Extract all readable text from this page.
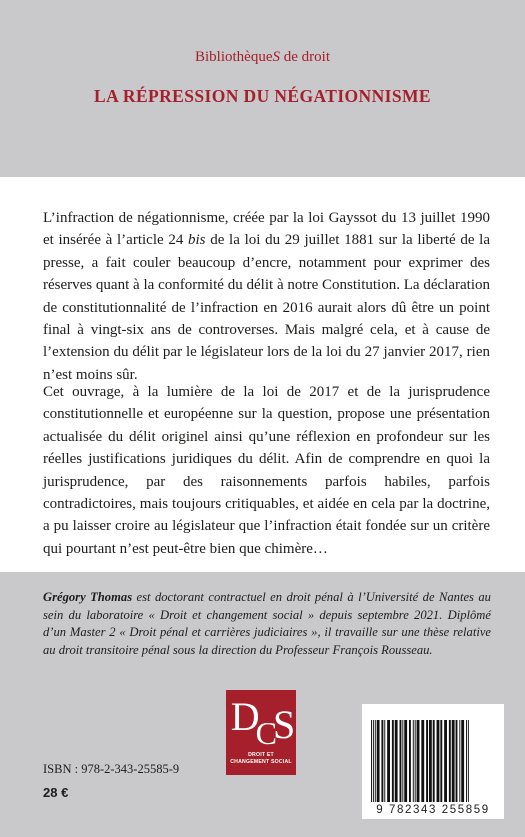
BibliothèqueS de droit
LA RÉPRESSION DU NÉGATIONNISME

L’infraction de négationnisme, créée par la loi Gayssot du 13 juillet 1990 et insérée à l’article 24 bis de la loi du 29 juillet 1881 sur la liberté de la presse, a fait couler beaucoup d’encre, notamment pour exprimer des réserves quant à la conformité du délit à notre Constitution. La déclaration de constitutionnalité de l’infraction en 2016 aurait alors dû être un point final à vingt-six ans de controverses. Mais malgré cela, et à cause de l’extension du délit par le législateur lors de la loi du 27 janvier 2017, rien n’est moins sûr.

Cet ouvrage, à la lumière de la loi de 2017 et de la jurisprudence constitutionnelle et européenne sur la question, propose une présentation actualisée du délit originel ainsi qu’une réflexion en profondeur sur les réelles justifications juridiques du délit. Afin de comprendre en quoi la jurisprudence, par des raisonnements parfois habiles, parfois contradictoires, mais toujours critiquables, et aidée en cela par la doctrine, a pu laisser croire au législateur que l’infraction était fondée sur un critère qui pourtant n’est peut-être bien que chimère…

Grégory Thomas est doctorant contractuel en droit pénal à l’Université de Nantes au sein du laboratoire « Droit et changement social » depuis septembre 2021. Diplômé d’un Master 2 « Droit pénal et carrières judiciaires », il travaille sur une thèse relative au droit transitoire pénal sous la direction du Professeur François Rousseau.

$D_CS$
DROIT ET
CHANGEMENT SOCIAL
ISBN : 978-2-343-25585-9
28 €
9 782343 255859
